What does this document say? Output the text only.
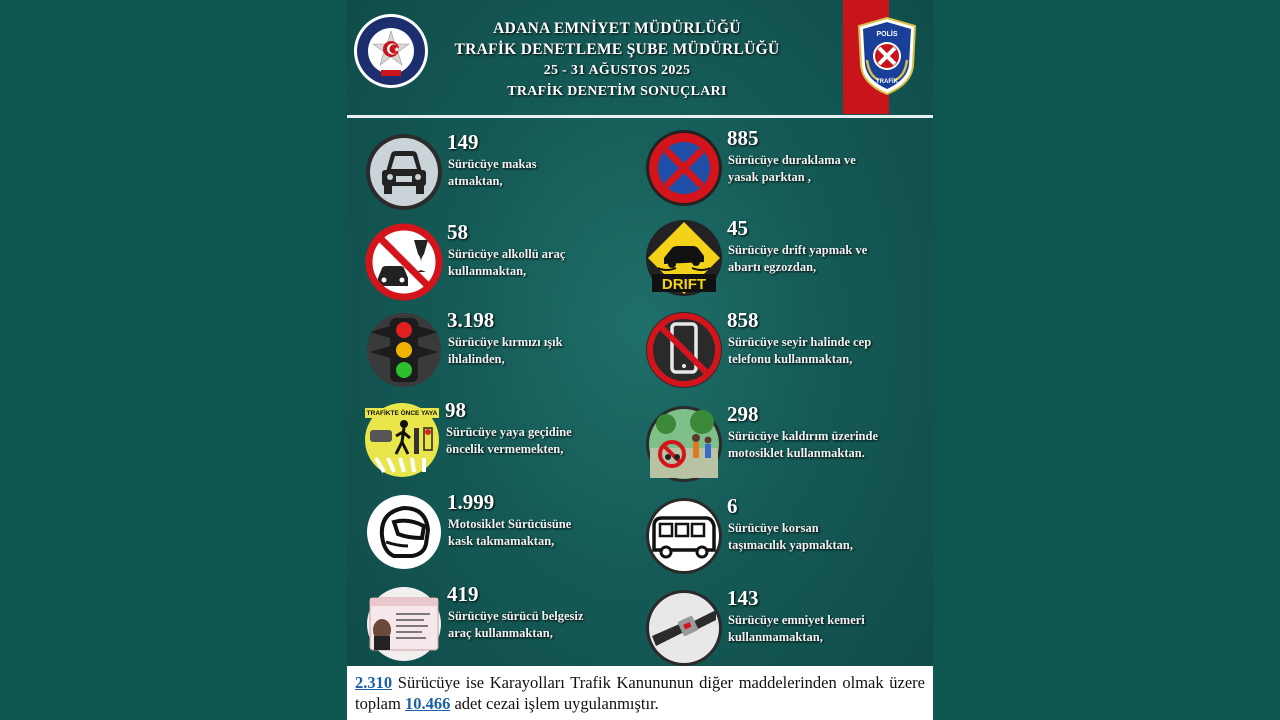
ADANA EMNİYET MÜDÜRLÜĞÜ
TRAFİK DENETLEME ŞUBE MÜDÜRLÜĞÜ
25 - 31 AĞUSTOS 2025
TRAFİK DENETİM SONUÇLARI
POLİS
TRAFİK
149
Sürücüye makas
atmaktan,
58
Sürücüye alkollü araç
kullanmaktan,
3.198
Sürücüye kırmızı ışık
ihlalinden,
TRAFİKTE ÖNCE YAYA 98
Sürücüye yaya geçidine
öncelik vermemekten,
1.999
Motosiklet Sürücüsüne
kask takmamaktan,
419
Sürücüye sürücü belgesiz
araç kullanmaktan,
885
Sürücüye duraklama ve
yasak parktan ,
DRIFT
45
Sürücüye drift yapmak ve
abartı egzozdan,
858
Sürücüye seyir halinde cep
telefonu kullanmaktan,
298
Sürücüye kaldırım üzerinde
motosiklet kullanmaktan.
6
Sürücüye korsan
taşımacılık yapmaktan,
143
Sürücüye emniyet kemeri
kullanmamaktan,
2.310 Sürücüye ise Karayolları Trafik Kanununun diğer maddelerinden olmak üzere toplam 10.466 adet cezai işlem uygulanmıştır.
